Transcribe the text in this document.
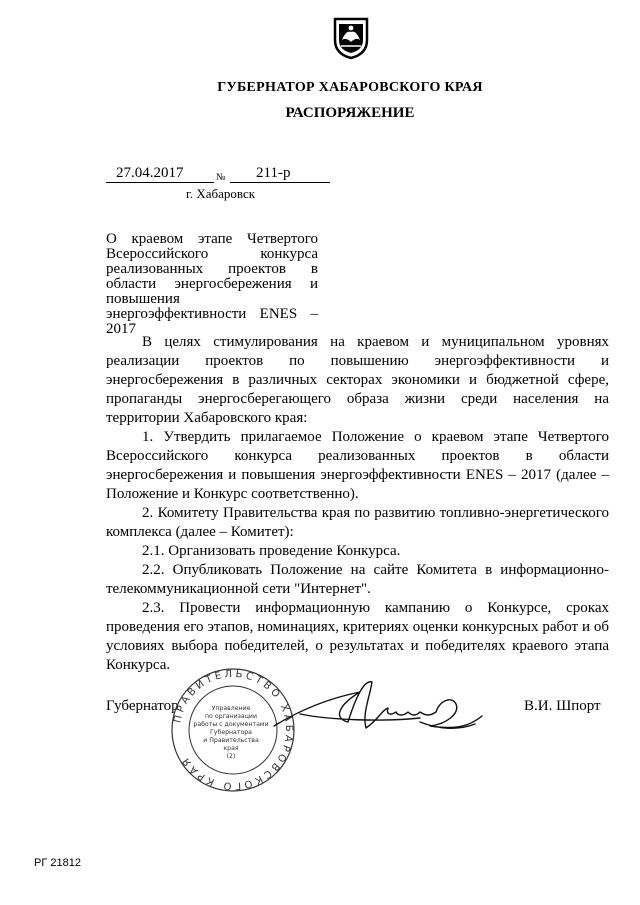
ГУБЕРНАТОР ХАБАРОВСКОГО КРАЯ
РАСПОРЯЖЕНИЕ
27.04.2017	№ 211-р
г. Хабаровск
О краевом этапе Четвертого Всероссийского конкурса реализованных проектов в области энергосбережения и повышения энергоэффективности ENES – 2017

В целях стимулирования на краевом и муниципальном уровнях реализации проектов по повышению энергоэффективности и энергосбережения в различных секторах экономики и бюджетной сфере, пропаганды энергосберегающего образа жизни среди населения на территории Хабаровского края:

1. Утвердить прилагаемое Положение о краевом этапе Четвертого Всероссийского конкурса реализованных проектов в области энергосбережения и повышения энергоэффективности ENES – 2017 (далее – Положение и Конкурс соответственно).

2. Комитету Правительства края по развитию топливно-энергетического комплекса (далее – Комитет):

2.1. Организовать проведение Конкурса.

2.2. Опубликовать Положение на сайте Комитета в информационно-телекоммуникационной сети "Интернет".

2.3. Провести информационную кампанию о Конкурсе, сроках проведения его этапов, номинациях, критериях оценки конкурсных работ и об условиях выбора победителей, о результатах и победителях краевого этапа Конкурса.

Губернатор	В.И. Шпорт
ПРАВИТЕЛЬСТВО ХАБАРОВСКОГО КРАЯ
Управление
по организации
работы с документами
Губернатора
и Правительства
края
(2)
РГ 21812
